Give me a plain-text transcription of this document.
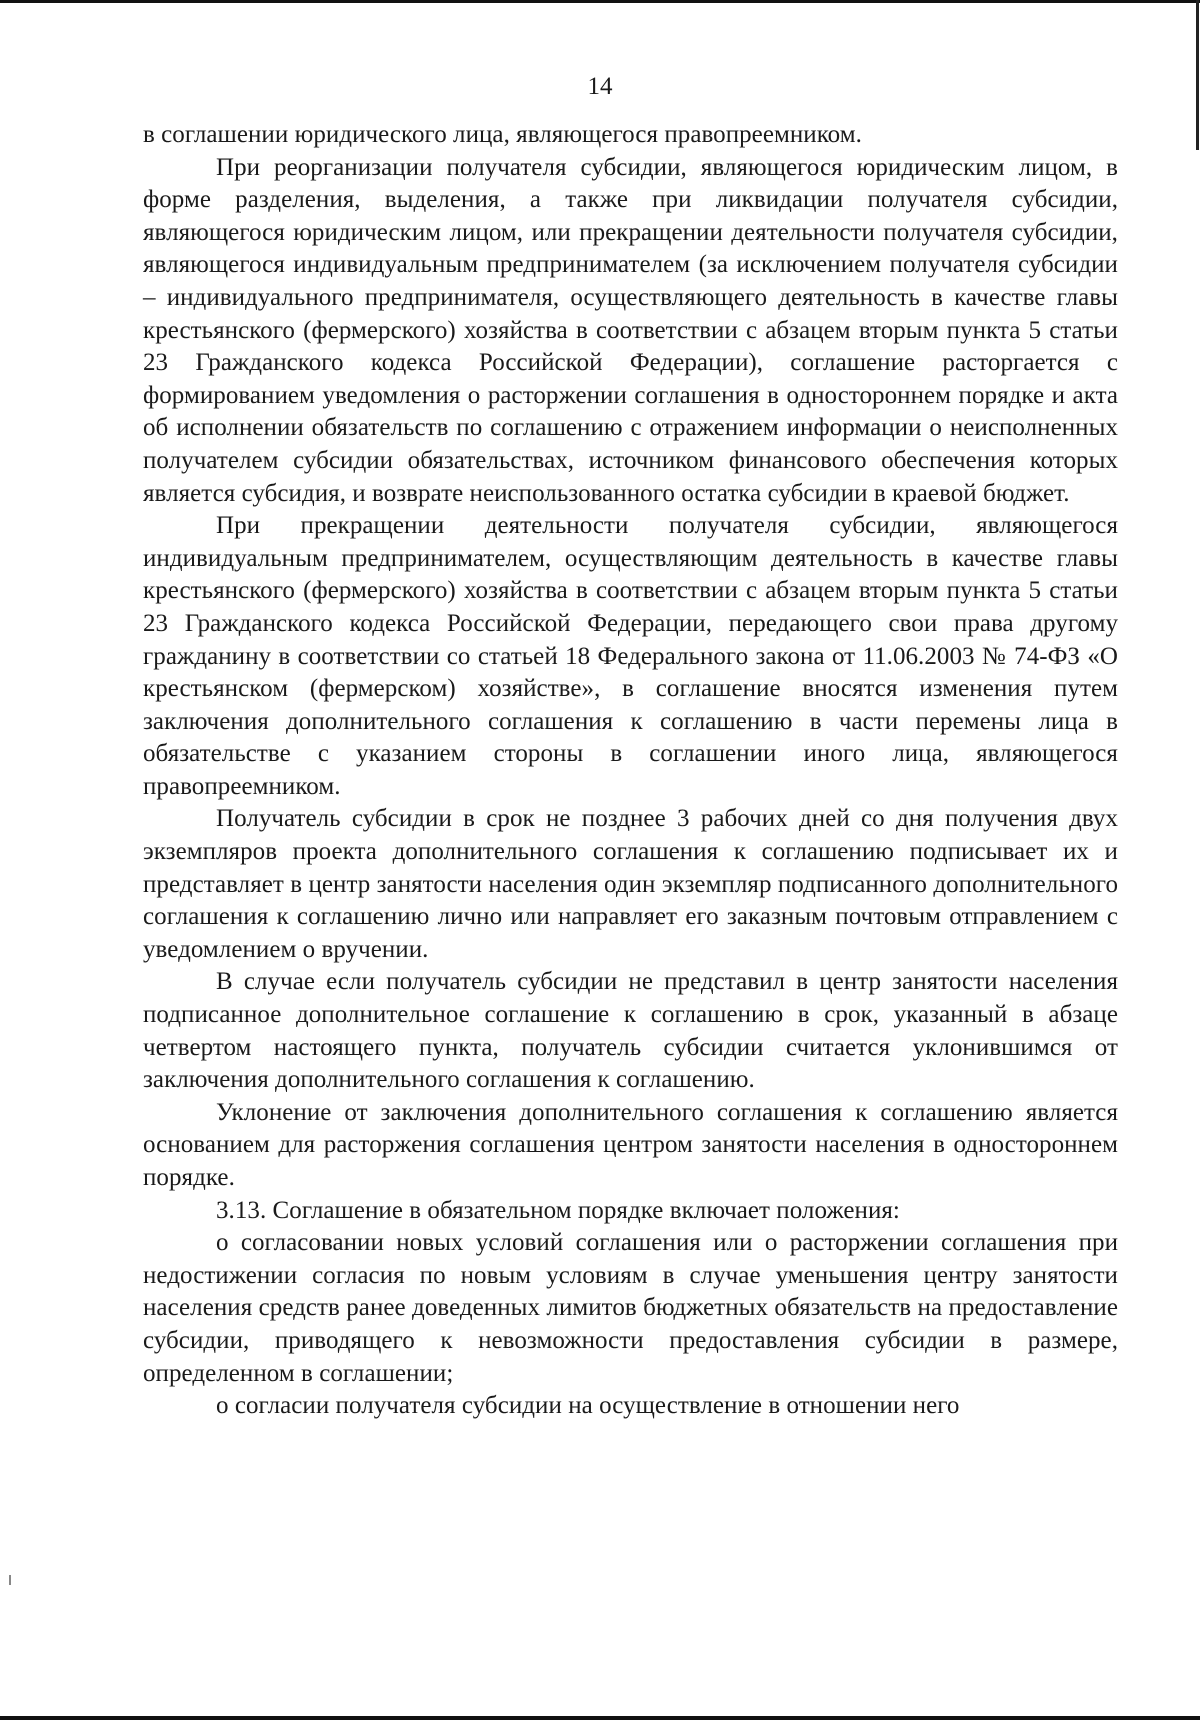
14

в соглашении юридического лица, являющегося правопреемником.

При реорганизации получателя субсидии, являющегося юридическим лицом, в форме разделения, выделения, а также при ликвидации получателя субсидии, являющегося юридическим лицом, или прекращении деятельности получателя субсидии, являющегося индивидуальным предпринимателем (за исключением получателя субсидии – индивидуального предпринимателя, осуществляющего деятельность в качестве главы крестьянского (фермерского) хозяйства в соответствии с абзацем вторым пункта 5 статьи 23 Гражданского кодекса Российской Федерации), соглашение расторгается с формированием уведомления о расторжении соглашения в одностороннем порядке и акта об исполнении обязательств по соглашению с отражением информации о неисполненных получателем субсидии обязательствах, источником финансового обеспечения которых является субсидия, и возврате неиспользованного остатка субсидии в краевой бюджет.

При прекращении деятельности получателя субсидии, являющегося индивидуальным предпринимателем, осуществляющим деятельность в качестве главы крестьянского (фермерского) хозяйства в соответствии с абзацем вторым пункта 5 статьи 23 Гражданского кодекса Российской Федерации, передающего свои права другому гражданину в соответствии со статьей 18 Федерального закона от 11.06.2003 № 74-ФЗ «О крестьянском (фермерском) хозяйстве», в соглашение вносятся изменения путем заключения дополнительного соглашения к соглашению в части перемены лица в обязательстве с указанием стороны в соглашении иного лица, являющегося правопреемником.

Получатель субсидии в срок не позднее 3 рабочих дней со дня получения двух экземпляров проекта дополнительного соглашения к соглашению подписывает их и представляет в центр занятости населения один экземпляр подписанного дополнительного соглашения к соглашению лично или направляет его заказным почтовым отправлением с уведомлением о вручении.

В случае если получатель субсидии не представил в центр занятости населения подписанное дополнительное соглашение к соглашению в срок, указанный в абзаце четвертом настоящего пункта, получатель субсидии считается уклонившимся от заключения дополнительного соглашения к соглашению.

Уклонение от заключения дополнительного соглашения к соглашению является основанием для расторжения соглашения центром занятости населения в одностороннем порядке.

3.13. Соглашение в обязательном порядке включает положения:

о согласовании новых условий соглашения или о расторжении соглашения при недостижении согласия по новым условиям в случае уменьшения центру занятости населения средств ранее доведенных лимитов бюджетных обязательств на предоставление субсидии, приводящего к невозможности предоставления субсидии в размере, определенном в соглашении;

о согласии получателя субсидии на осуществление в отношении него
